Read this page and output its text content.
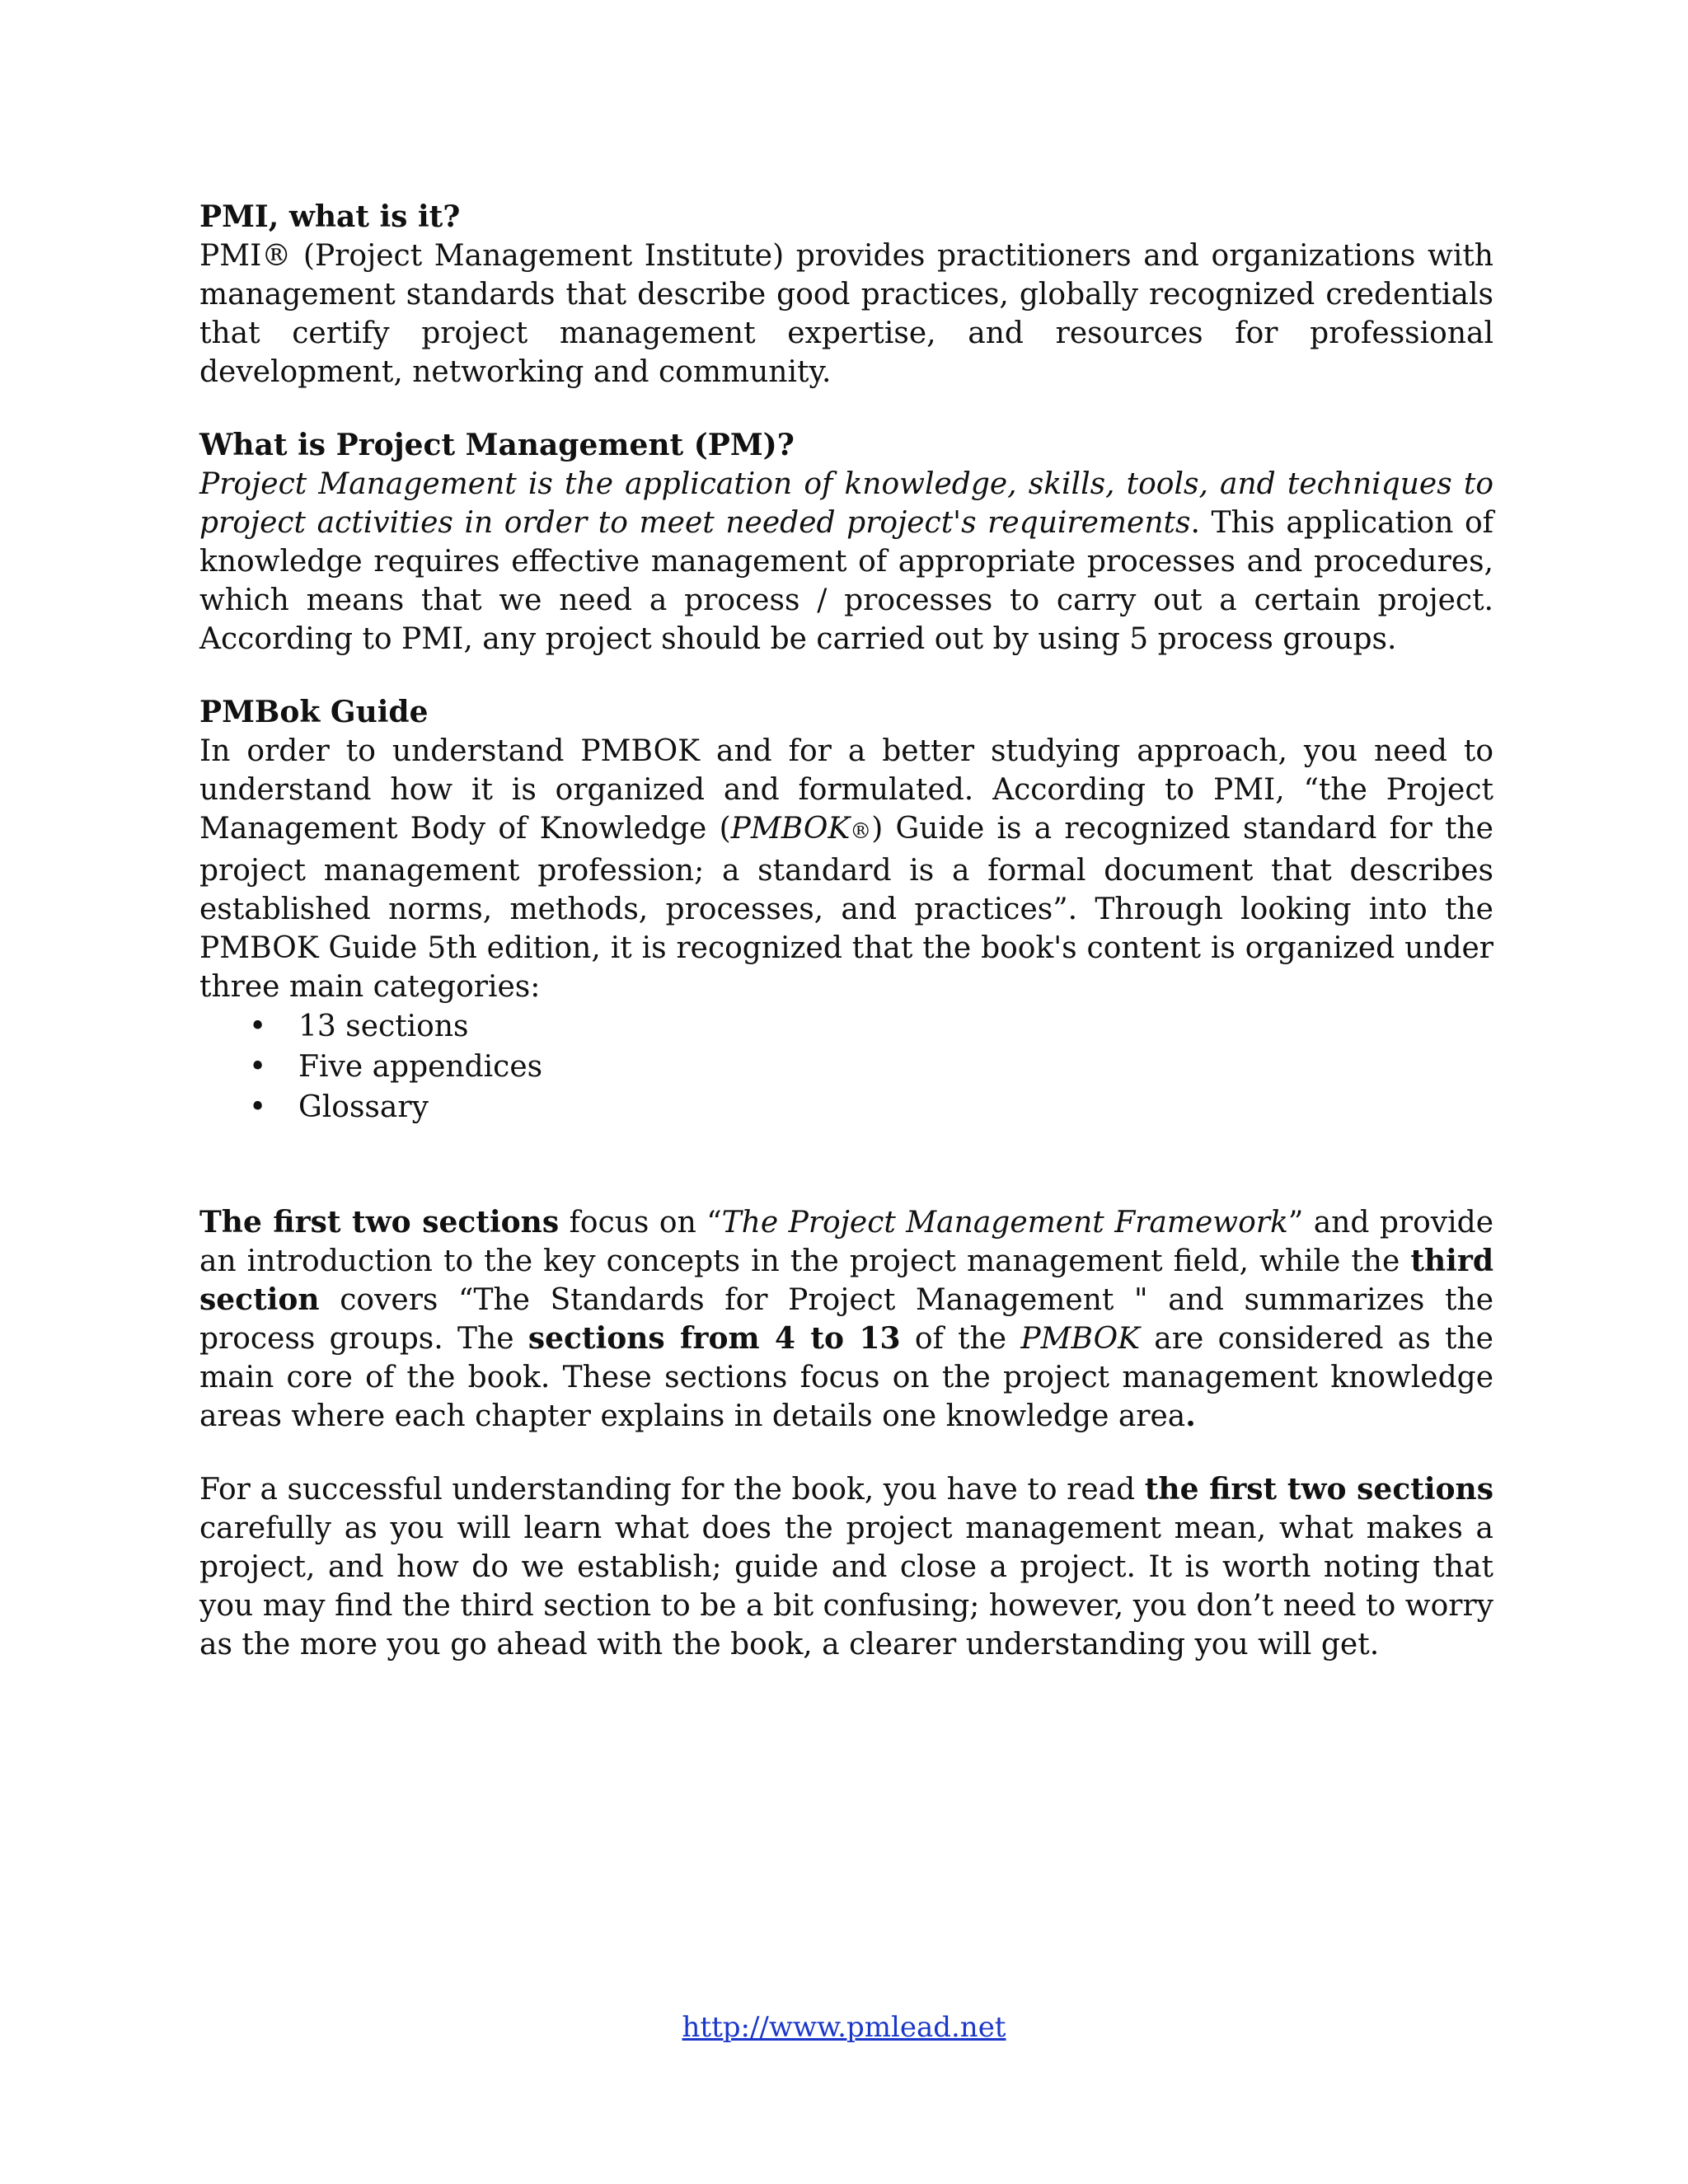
PMI, what is it?

PMI® (Project Management Institute) provides practitioners and organizations with management standards that describe good practices, globally recognized credentials that certify project management expertise, and resources for professional development, networking and community.

What is Project Management (PM)?

Project Management is the application of knowledge, skills, tools, and techniques to project activities in order to meet needed project's requirements. This application of knowledge requires effective management of appropriate processes and procedures, which means that we need a process / processes to carry out a certain project. According to PMI, any project should be carried out by using 5 process groups.

PMBok Guide

In order to understand PMBOK and for a better studying approach, you need to understand how it is organized and formulated. According to PMI, “the Project Management Body of Knowledge (PMBOK®) Guide is a recognized standard for the project management profession; a standard is a formal document that describes established norms, methods, processes, and practices”. Through looking into the PMBOK Guide 5th edition, it is recognized that the book's content is organized under three main categories:

• 13 sections
• Five appendices
• Glossary

The first two sections focus on “The Project Management Framework” and provide an introduction to the key concepts in the project management field, while the third section covers “The Standards for Project Management " and summarizes the process groups. The sections from 4 to 13 of the PMBOK are considered as the main core of the book. These sections focus on the project management knowledge areas where each chapter explains in details one knowledge area.

For a successful understanding for the book, you have to read the first two sections carefully as you will learn what does the project management mean, what makes a project, and how do we establish; guide and close a project. It is worth noting that you may find the third section to be a bit confusing; however, you don’t need to worry as the more you go ahead with the book, a clearer understanding you will get.

http://www.pmlead.net
